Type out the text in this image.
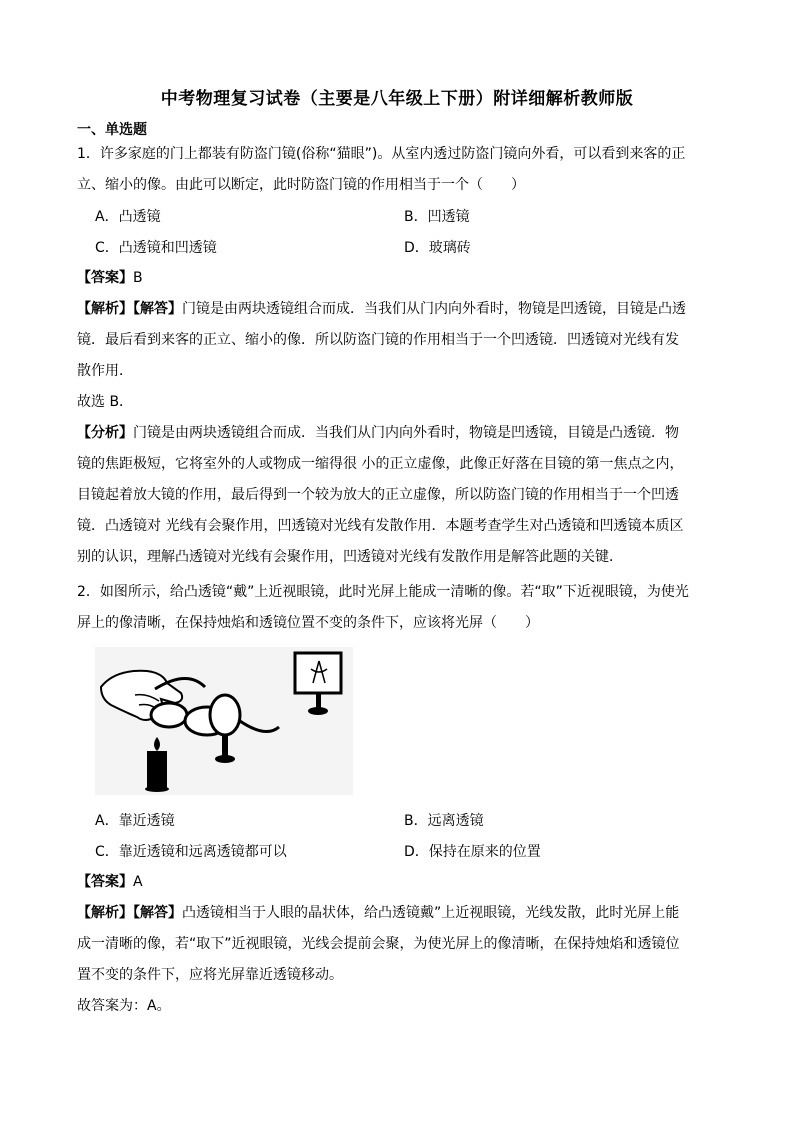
中考物理复习试卷（主要是八年级上下册）附详细解析教师版
一、单选题
1．许多家庭的门上都装有防盗门镜(俗称“猫眼”)。从室内透过防盗门镜向外看，可以看到来客的正
立、缩小的像。由此可以断定，此时防盗门镜的作用相当于一个（　　）
A．凸透镜	B．凹透镜
C．凸透镜和凹透镜	D．玻璃砖
【答案】B
【解析】【解答】门镜是由两块透镜组合而成．当我们从门内向外看时，物镜是凹透镜，目镜是凸透
镜．最后看到来客的正立、缩小的像．所以防盗门镜的作用相当于一个凹透镜．凹透镜对光线有发
散作用．
故选 B．
【分析】门镜是由两块透镜组合而成．当我们从门内向外看时，物镜是凹透镜，目镜是凸透镜．物
镜的焦距极短，它将室外的人或物成一缩得很 小的正立虚像，此像正好落在目镜的第一焦点之内，
目镜起着放大镜的作用，最后得到一个较为放大的正立虚像，所以防盗门镜的作用相当于一个凹透
镜．凸透镜对 光线有会聚作用，凹透镜对光线有发散作用．本题考查学生对凸透镜和凹透镜本质区
别的认识，理解凸透镜对光线有会聚作用，凹透镜对光线有发散作用是解答此题的关键．
2．如图所示，给凸透镜“戴”上近视眼镜，此时光屏上能成一清晰的像。若“取”下近视眼镜，为使光
屏上的像清晰，在保持烛焰和透镜位置不变的条件下，应该将光屏（　　）
A．靠近透镜	B．远离透镜
C．靠近透镜和远离透镜都可以	D．保持在原来的位置
【答案】A
【解析】【解答】凸透镜相当于人眼的晶状体，给凸透镜戴”上近视眼镜，光线发散，此时光屏上能
成一清晰的像，若“取下”近视眼镜，光线会提前会聚，为使光屏上的像清晰，在保持烛焰和透镜位
置不变的条件下，应将光屏靠近透镜移动。
故答案为：A。
